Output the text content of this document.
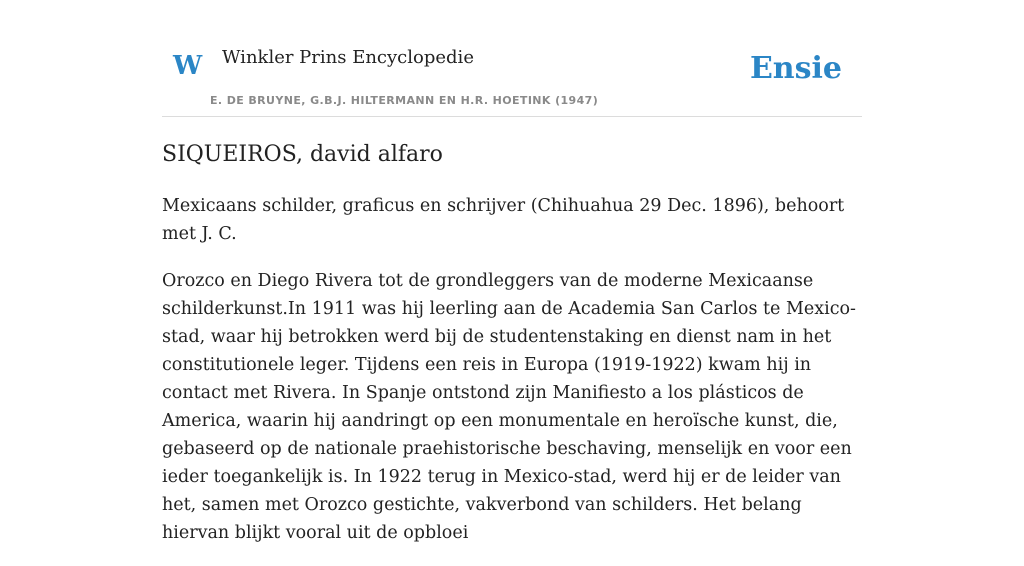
W Winkler Prins Encyclopedie
E. DE BRUYNE, G.B.J. HILTERMANN EN H.R. HOETINK (1947)
Ensie
SIQUEIROS, david alfaro

Mexicaans schilder, graficus en schrijver (Chihuahua 29 Dec. 1896), behoort met J. C.

Orozco en Diego Rivera tot de grondleggers van de moderne Mexicaanse schilderkunst.In 1911 was hij leerling aan de Academia San Carlos te Mexico-stad, waar hij betrokken werd bij de studentenstaking en dienst nam in het constitutionele leger. Tijdens een reis in Europa (1919-1922) kwam hij in contact met Rivera. In Spanje ontstond zijn Manifiesto a los plásticos de America, waarin hij aandringt op een monumentale en heroïsche kunst, die, gebaseerd op de nationale praehistorische beschaving, menselijk en voor een ieder toegankelijk is. In 1922 terug in Mexico-stad, werd hij er de leider van het, samen met Orozco gestichte, vakverbond van schilders. Het belang hiervan blijkt vooral uit de opbloei
